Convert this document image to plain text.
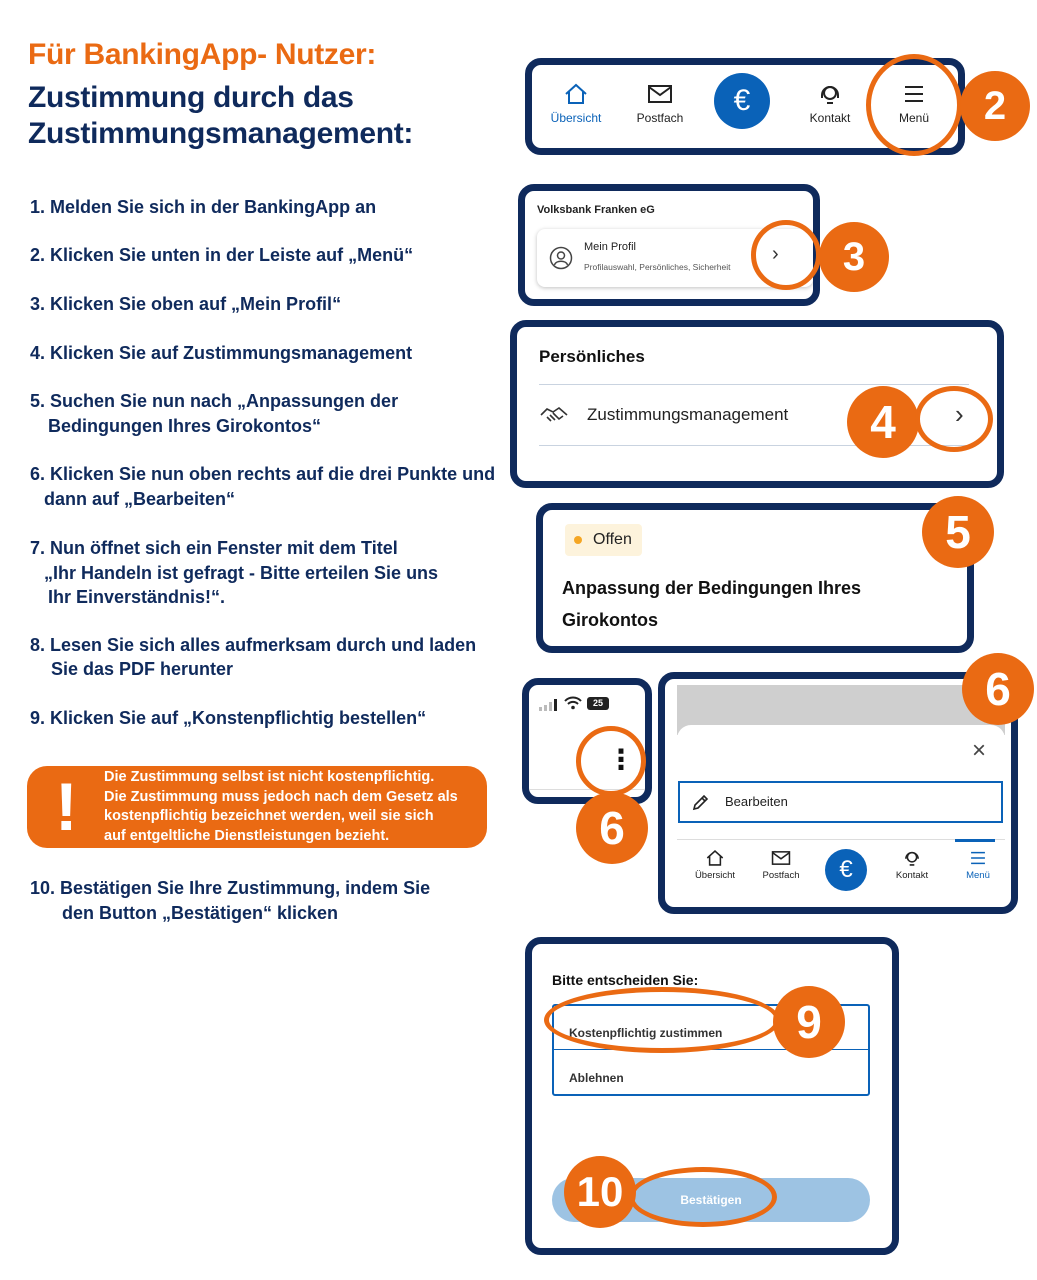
Für BankingApp- Nutzer:
Zustimmung durch das
Zustimmungsmanagement:
1. Melden Sie sich in der BankingApp an
2. Klicken Sie unten in der Leiste auf „Menü“
3. Klicken Sie oben auf „Mein Profil“
4. Klicken Sie auf Zustimmungsmanagement
5. Suchen Sie nun nach „Anpassungen der
Bedingungen Ihres Girokontos“
6. Klicken Sie nun oben rechts auf die drei Punkte und
dann auf „Bearbeiten“
7. Nun öffnet sich ein Fenster mit dem Titel
„Ihr Handeln ist gefragt - Bitte erteilen Sie uns
Ihr Einverständnis!“.
8. Lesen Sie sich alles aufmerksam durch und laden
Sie das PDF herunter
9. Klicken Sie auf „Konstenpflichtig bestellen“
! Die Zustimmung selbst ist nicht kostenpflichtig.
Die Zustimmung muss jedoch nach dem Gesetz als
kostenpflichtig bezeichnet werden, weil sie sich
auf entgeltliche Dienstleistungen bezieht.
10. Bestätigen Sie Ihre Zustimmung, indem Sie
den Button „Bestätigen“ klicken
Übersicht	Postfach
€
Kontakt	Menü	2
Volksbank Franken eG
Mein Profil
Profilauswahl, Persönliches, Sicherheit
›	3
Persönliches
Zustimmungsmanagement	›
4
Offen
Anpassung der Bedingungen Ihres
Girokontos
5
25
⋮
6
×
Bearbeiten
Übersicht	Postfach	€	Kontakt	Menü
6
Bitte entscheiden Sie:
Kostenpflichtig zustimmen
Ablehnen
Bestätigen
9
10
